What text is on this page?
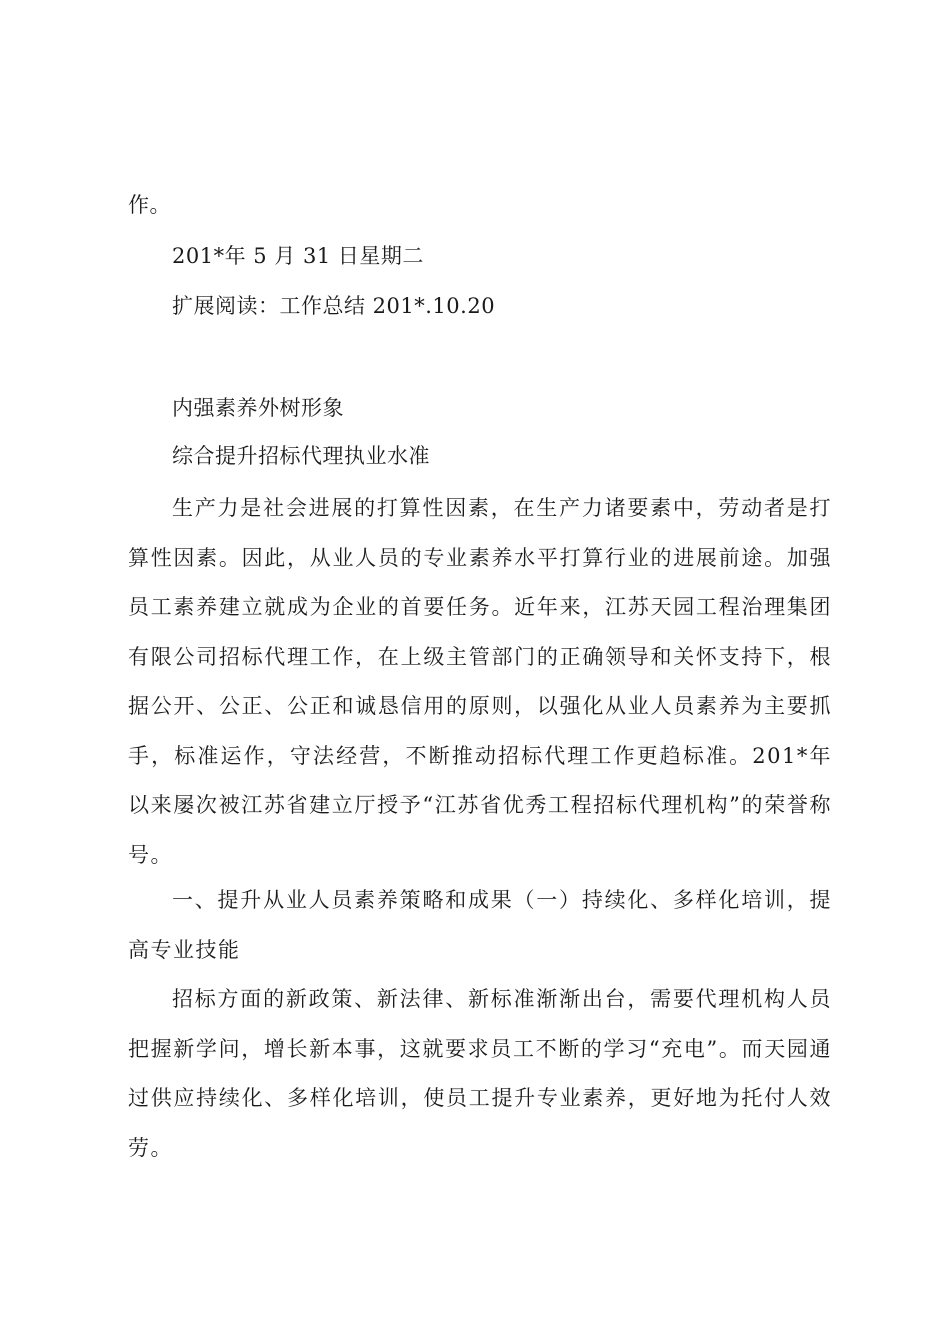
作。
201*年 5 月 31 日星期二
扩展阅读：工作总结 201*.10.20
内强素养外树形象
综合提升招标代理执业水准
生产力是社会进展的打算性因素，在生产力诸要素中，劳动者是打算性因素。因此，从业人员的专业素养水平打算行业的进展前途。加强员工素养建立就成为企业的首要任务。近年来，江苏天园工程治理集团有限公司招标代理工作，在上级主管部门的正确领导和关怀支持下，根据公开、公正、公正和诚恳信用的原则，以强化从业人员素养为主要抓手，标准运作，守法经营，不断推动招标代理工作更趋标准。201*年以来屡次被江苏省建立厅授予“江苏省优秀工程招标代理机构”的荣誉称号。
一、提升从业人员素养策略和成果（一）持续化、多样化培训，提高专业技能
招标方面的新政策、新法律、新标准渐渐出台，需要代理机构人员把握新学问，增长新本事，这就要求员工不断的学习“充电”。而天园通过供应持续化、多样化培训，使员工提升专业素养，更好地为托付人效劳。
